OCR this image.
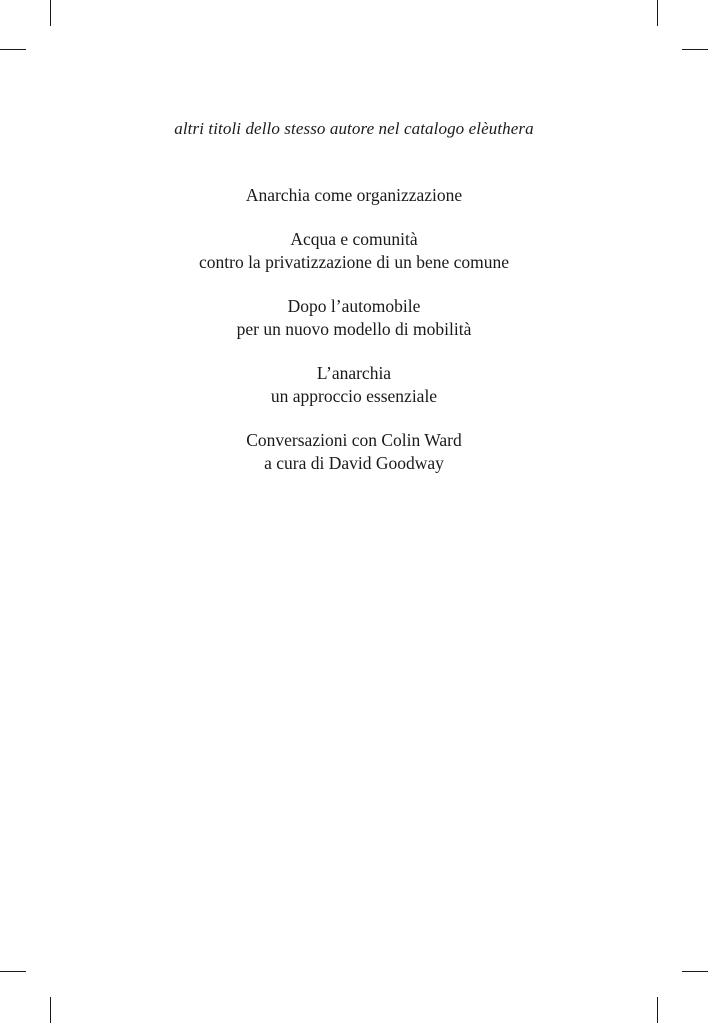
altri titoli dello stesso autore nel catalogo elèuthera
Anarchia come organizzazione
Acqua e comunità
contro la privatizzazione di un bene comune
Dopo l’automobile
per un nuovo modello di mobilità
L’anarchia
un approccio essenziale
Conversazioni con Colin Ward
a cura di David Goodway
